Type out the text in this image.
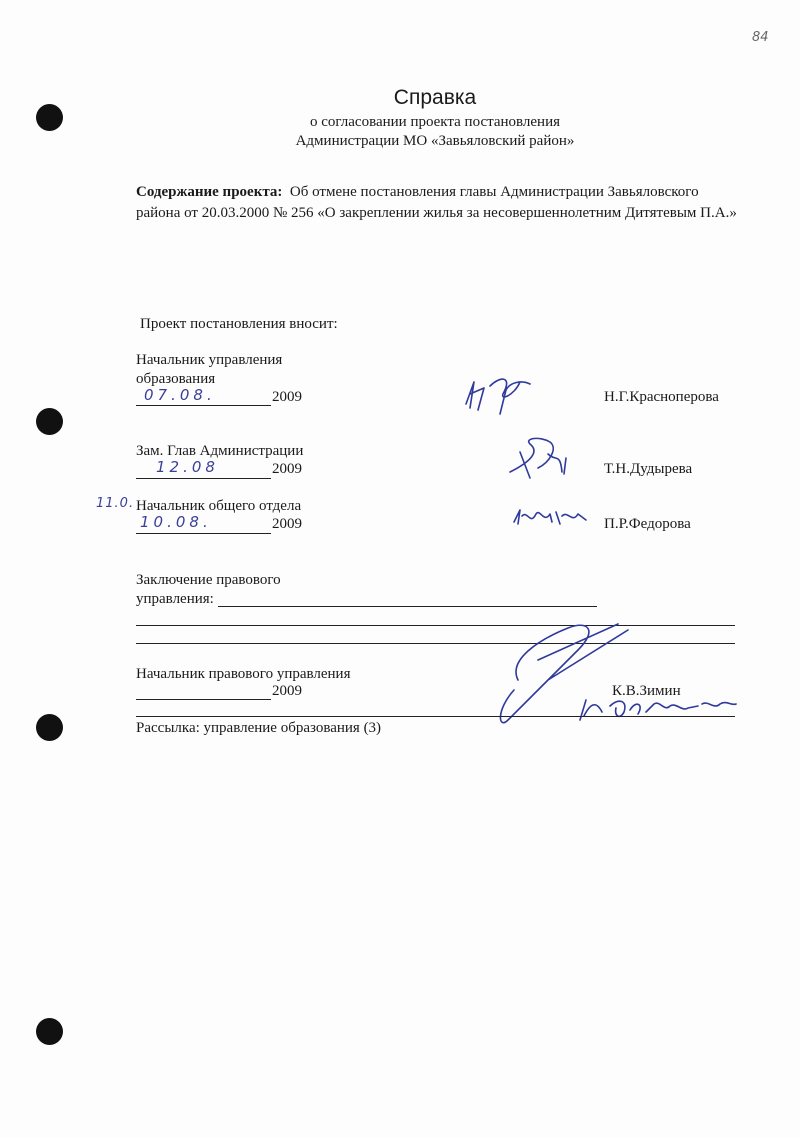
84
Справка
о согласовании проекта постановления
Администрации МО «Завьяловский район»
Содержание проекта: Об отмене постановления главы Администрации Завьяловского района от 20.03.2000 № 256 «О закреплении жилья за несовершеннолетним Дитятевым П.А.»
Проект постановления вносит:
Начальник управления
образования
07.08.	2009	Н.Г.Красноперова
Зам. Глав Администрации
12.08	2009	Т.Н.Дудырева
11.0. Начальник общего отдела
10.08.	2009	П.Р.Федорова
Заключение правового
управления:
Начальник правового управления
2009	К.В.Зимин
Рассылка: управление образования (3)
